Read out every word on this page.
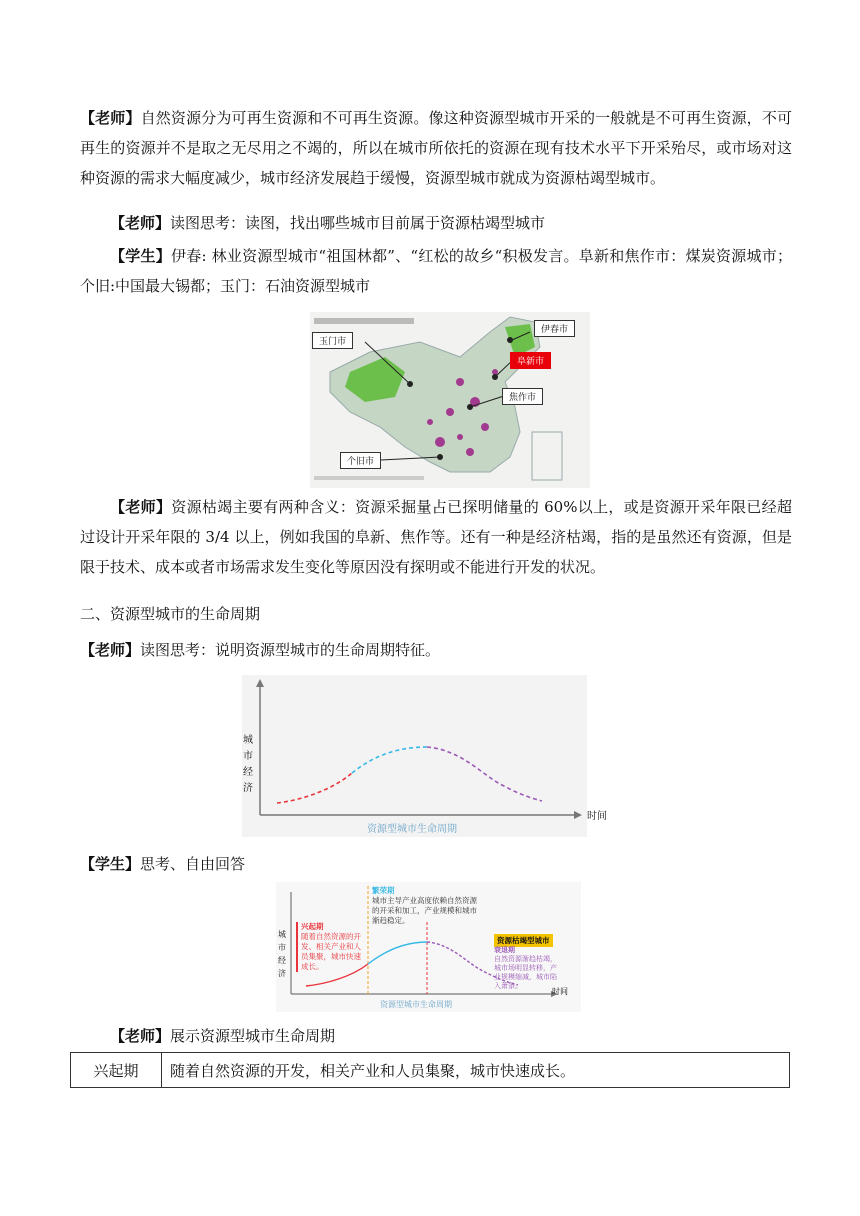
【老师】自然资源分为可再生资源和不可再生资源。像这种资源型城市开采的一般就是不可再生资源，不可再生的资源并不是取之无尽用之不竭的，所以在城市所依托的资源在现有技术水平下开采殆尽，或市场对这种资源的需求大幅度减少，城市经济发展趋于缓慢，资源型城市就成为资源枯竭型城市。

【老师】读图思考：读图，找出哪些城市目前属于资源枯竭型城市

【学生】伊春: 林业资源型城市“祖国林都”、“红松的故乡“积极发言。阜新和焦作市：煤炭资源城市；个旧:中国最大锡都；玉门：石油资源型城市

伊春市
玉门市
阜新市
焦作市
个旧市

【老师】资源枯竭主要有两种含义：资源采掘量占已探明储量的 60%以上，或是资源开采年限已经超过设计开采年限的 3/4 以上，例如我国的阜新、焦作等。还有一种是经济枯竭，指的是虽然还有资源，但是限于技术、成本或者市场需求发生变化等原因没有探明或不能进行开发的状况。

二、资源型城市的生命周期

【老师】读图思考：说明资源型城市的生命周期特征。

城
市
经
济
时间
资源型城市生命周期

【学生】思考、自由回答

城
市
经
济
兴起期
随着自然资源的开发、相关产业和人员集聚，城市快速成长。
繁荣期
城市主导产业高度依赖自然资源的开采和加工，产业规模和城市渐趋稳定。
资源枯竭型城市
衰退期
自然资源渐趋枯竭，城市场明显转移，产业规模缩减，城市陷入萧条。
时间
资源型城市生命周期

【老师】展示资源型城市生命周期

兴起期	随着自然资源的开发，相关产业和人员集聚，城市快速成长。
